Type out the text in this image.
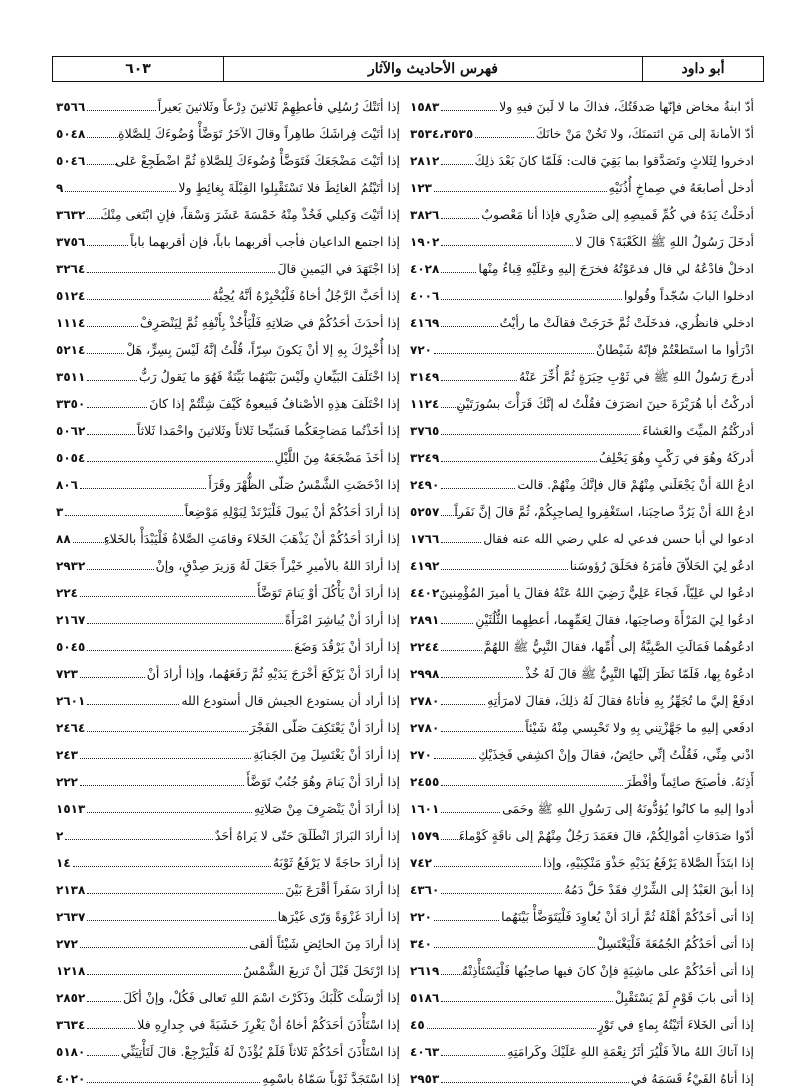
أبو داود
فهرس الأحاديث والآثار
٦٠٣
أدّ ابنةُ مخاض فإنّها صَدقَتُكَ، فذاكَ ما لا لَبنَ فيهِ ولا
١٥٨٣
أدّ الأمانةَ إلى مَنِ ائتمنَكَ، ولا تَخُنْ مَنْ خانَكَ
٣٥٣٤،٣٥٣٥
ادخروا لِثَلاثٍ وتَصَدَّقوا بما بَقِيَ قالت: فَلَمّا كانَ بَعْدَ ذلِكَ
٢٨١٢
أدخل أصابعَهُ في صِماخِ أُذُنَيْهِ
١٢٣
أدخَلْتُ يَدَهُ في كُمِّ قَميصِهِ إلى صَدْرِي فإذا أنا مَعْصوبٌ
٣٨٢٦
أدخَلَ رَسُولُ اللهِ ﷺ الكَعْبَةَ؟ قالَ لا
١٩٠٢
ادخلْ فادْعُهُ لي قال فدعَوْتُهُ فخرَجَ إليهِ وعَلَيْهِ قِباءٌ مِنْها
٤٠٢٨
ادخلوا البابَ سُجّداً وقُولوا
٤٠٠٦
ادخلي فانظُري، فدخَلَتْ ثُمَّ خَرَجَتْ فقالَتْ ما رأيْتُ
٤١٦٩
ادْرَأوا ما استَطعْتُمْ فإنّهُ شَيْطانٌ
٧٢٠
أدرجَ رَسُولُ اللهِ ﷺ في ثَوْبِ حِبَرَةٍ ثُمَّ أُخِّرَ عَنْهُ
٣١٤٩
أدركْتُ أبا هُرَيْرَةَ حينَ انصَرَفَ فقُلْتُ له إنَّكَ قَرَأْتَ بسُورَتَيْنِ
١١٢٤
أدركْتُمُ الميِّتَ والعَشاءَ
٣٧٦٥
أدركَهُ وهُوَ في رَكْبٍ وهُوَ يَحْلِفُ
٣٢٤٩
ادعُ اللهَ أنْ يَجْعَلَني مِنْهُمْ قال فإنَّكَ مِنْهُمْ. قالت
٢٤٩٠
ادعُ اللهَ أنْ يَرُدَّ صاحِبَنا، استَغْفِروا لِصاحِبِكُمْ، ثُمَّ قالَ إنَّ نَفَراً
٥٢٥٧
ادعوا لي أبا حسن فدعي له علي رضي الله عنه فقال
١٧٦٦
ادعُو لِيَ الحَلاّقَ فأمَرَهُ فحَلَقَ رُؤوسَنا
٤١٩٢
ادعُوا لي عَلِيّاً، فَجاءَ عَلِيٌّ رَضِيَ اللهُ عَنْهُ فقالَ يا أميرَ المُؤْمِنينَ
٤٤٠٢
ادعُوا لِيَ المَرْأَةَ وصاحِبَها، فقالَ لِعَمِّهِما، أعطِهِما الثُّلُثَيْنِ
٢٨٩١
ادعُوهُما فَمَالَتِ الصَّبِيَّةُ إلى أُمِّها، فقالَ النَّبِيُّ ﷺ اللهُمَّ
٢٢٤٤
ادعُوهُ بِها، فَلَمّا نَظَرَ إلَيْها النَّبِيُّ ﷺ قالَ لَهُ خُذْ
٢٩٩٨
ادفَعْ إليَّ ما تُجَهِّزُ بِهِ فأتاهُ فقالَ لَهُ ذلِكَ، فقالَ لامرَأتِهِ
٢٧٨٠
ادفَعي إليهِ ما جَهَّزْتِني بِهِ ولا تَحْبِسي مِنْهُ شَيْئاً
٢٧٨٠
ادْني مِنِّي، فَقُلْتُ إنِّي حائِضٌ، فقالَ وإنْ اكشِفي فَخِذَيْكِ
٢٧٠
أَذِنَهُ. فأصبَحَ صائِماً وأفْطَرَ
٢٤٥٥
أدوا إليهِ ما كانُوا يُؤدُّونَهُ إلى رَسُولِ اللهِ ﷺ وحَمَى
١٦٠١
أدّوا صَدَقاتِ أمْوالِكُمْ، قالَ فعَمَدَ رَجُلٌ مِنْهُمْ إلى ناقَةٍ كَوْماءَ
١٥٧٩
إذا ابتَدَأَ الصَّلاةَ يَرْفَعُ يَدَيْهِ حَذْوَ مَنْكِبَيْهِ، وإذا
٧٤٢
إذا أبقَ العَبْدُ إلى الشِّرْكِ فقَدْ حَلَّ دَمُهُ
٤٣٦٠
إذا أتى أحَدُكُمْ أهْلَهُ ثُمَّ أرادَ أنْ يُعاوِدَ فَلْيَتَوَضَّأْ بَيْنَهُما
٢٢٠
إذا أتى أحَدُكُمُ الجُمُعَةَ فَلْيَغْتَسِلْ
٣٤٠
إذا أتى أحَدُكُمْ على ماشِيَةٍ فإنْ كانَ فيها صاحِبُها فَلْيَسْتَأْذِنْهُ
٢٦١٩
إذا أتى بابَ قَوْمٍ لَمْ يَسْتَقْبِلْ
٥١٨٦
إذا أتى الخَلاءَ أتَيْتُهُ بِماءٍ في تَوْرٍ
٤٥
إذا آتاكَ اللهُ مالاً فَلْيُرَ أثَرُ نِعْمَةِ اللهِ عَلَيْكَ وكَرامَتِهِ
٤٠٦٣
إذا أتاهُ الفَيْءُ قَسَمَهُ في
٢٩٥٣
إذا أتَتْكَ رُسُلِي فأعطِهِمْ ثَلاثينَ دِرْعاً وثَلاثينَ بَعيراً
٣٥٦٦
إذا أتَيْتَ فِراشَكَ طاهِراً وقالَ الآخَرُ تَوَضَّأْ وُضُوءَكَ لِلصَّلاةِ
٥٠٤٨
إذا أتَيْتَ مَضْجَعَكَ فَتَوَضَّأْ وُضُوءَكَ لِلصَّلاةِ ثُمَّ اضْطَجِعْ عَلى
٥٠٤٦
إذا أتَيْتُمُ الغائِطَ فلا تَسْتَقْبِلوا القِبْلَةَ بِغائِطٍ ولا
٩
إذا أتَيْتَ وَكيلي فَخُذْ مِنْهُ خَمْسَةَ عَشَرَ وَسْقاً، فإنِ ابْتَغى مِنْكَ
٣٦٣٢
إذا اجتمع الداعيان فأجب أقربهما باباً، فإن أقربهما باباً
٣٧٥٦
إذا اجْتَهَدَ في اليَمينِ قالَ
٣٢٦٤
إذا أحَبَّ الرَّجُلُ أخاهُ فَلْيُخْبِرْهُ أنَّهُ يُحِبُّهُ
٥١٢٤
إذا أحدَثَ أحَدُكُمْ في صَلاتِهِ فَلْيَأْخُذْ بِأَنْفِهِ ثُمَّ لِيَنْصَرِفْ
١١١٤
إذا أُخْبِرْكَ بِهِ إلا أنْ يَكونَ سِرّاً، قُلْتُ إنَّهُ لَيْسَ بِسِرٍّ، هَلْ
٥٢١٤
إذا اخْتَلَفَ البَيِّعانِ ولَيْسَ بَيْنَهُما بَيِّنَةٌ فَهُوَ ما يَقولُ رَبُّ
٣٥١١
إذا اخْتَلَفَ هذِهِ الأصْنافُ فَبيعوهُ كَيْفَ شِئْتُمْ إذا كانَ
٣٣٥٠
إذا أخَذْتُما مَضاجِعَكُما فَسَبِّحا ثَلاثاً وثَلاثينَ واحْمَدا ثَلاثاً
٥٠٦٢
إذا أخَذَ مَضْجَعَهُ مِنَ اللَّيْلِ
٥٠٥٤
إذا ادْحَضَتِ الشَّمْسُ صَلّى الظُّهْرَ وقَرَأَ
٨٠٦
إذا أرادَ أحَدُكُمْ أنْ يَبولَ فَلْيَرْتَدْ لِبَوْلِهِ مَوْضِعاً
٣
إذا أرادَ أحَدُكُمْ أنْ يَذْهَبَ الخَلاءَ وقامَتِ الصَّلاةُ فَلْيَبْدَأْ بالخَلاءِ
٨٨
إذا أرادَ اللهُ بالأميرِ خَيْراً جَعَلَ لَهُ وَزيرَ صِدْقٍ، وإنْ
٢٩٣٢
إذا أرادَ أنْ يَأْكُلَ أوْ يَنامَ تَوَضَّأَ
٢٢٤
إذا أرادَ أنْ يُباشِرَ امْرَأَةً
٢١٦٧
إذا أرادَ أنْ يَرْقُدَ وَضَعَ
٥٠٤٥
إذا أرادَ أنْ يَرْكَعَ أخْرَجَ يَدَيْهِ ثُمَّ رَفَعَهُما، وإذا أرادَ أنْ
٧٢٣
إذا أراد أن يستودع الجيش قال أستودع الله
٢٦٠١
إذا أرادَ أنْ يَعْتَكِفَ صَلّى الفَجْرَ
٢٤٦٤
إذا أرادَ أنْ يَغْتَسِلَ مِنَ الجَنابَةِ
٢٤٣
إذا أرادَ أنْ يَنامَ وهُوَ جُنُبٌ تَوَضَّأَ
٢٢٢
إذا أرادَ أنْ يَنْصَرِفَ مِنْ صَلاتِهِ
١٥١٣
إذا أرادَ البَرازَ انْطَلَقَ حَتّى لا يَراهُ أحَدٌ
٢
إذا أرادَ حاجَةً لا يَرْفَعُ ثَوْبَهُ
١٤
إذا أرادَ سَفَراً أقْرَعَ بَيْنَ
٢١٣٨
إذا أرادَ غَزْوَةً وَرّى غَيْرَها
٢٦٣٧
إذا أرادَ مِنَ الحائِضِ شَيْئاً ألقى
٢٧٢
إذا ارْتَحَلَ قَبْلَ أنْ تَزيغَ الشَّمْسُ
١٢١٨
إذا أرْسَلْتَ كَلْبَكَ وذَكَرْتَ اسْمَ اللهِ تَعالى فَكُلْ، وإنْ أكَلَ
٢٨٥٢
إذا اسْتَأْذَنَ أحَدَكُمْ أخاهُ أنْ يَغْرِزَ خَشَبَةً في جِدارِهِ فلا
٣٦٣٤
إذا اسْتَأْذَنَ أحَدُكُمْ ثَلاثاً فَلَمْ يُؤْذَنْ لَهُ فَلْيَرْجِعْ. قالَ لَتَأْتِيَنِّي
٥١٨٠
إذا اسْتَجَدَّ ثَوْباً سَمّاهُ باسْمِهِ
٤٠٢٠
